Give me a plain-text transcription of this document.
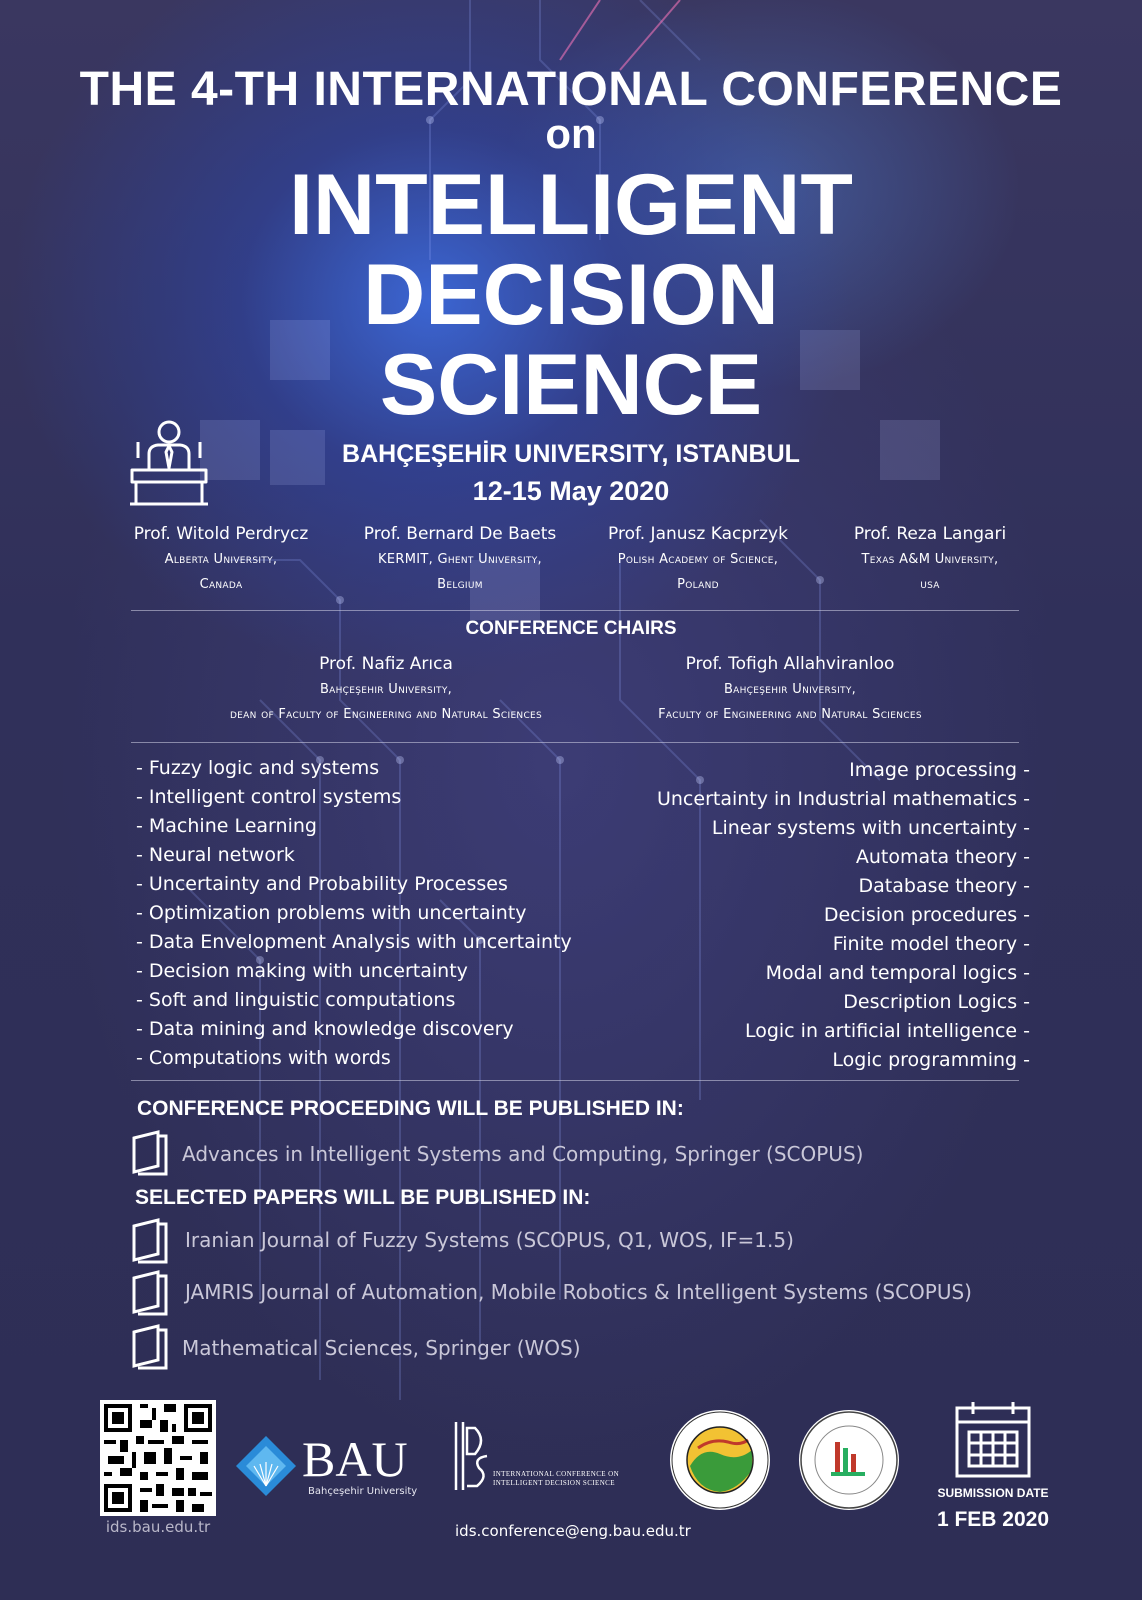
THE 4-TH INTERNATIONAL CONFERENCE
on
INTELLIGENT
DECISION
SCIENCE
BAHÇEŞEHİR UNIVERSITY, ISTANBUL
12-15 May 2020
Prof. Witold Perdrycz
Alberta University,
Canada
Prof. Bernard De Baets
KERMIT, Ghent University,
Belgium
Prof. Janusz Kacprzyk
Polish Academy of Science,
Poland
Prof. Reza Langari
Texas A&M University,
usa
CONFERENCE CHAIRS
Prof. Nafiz Arıca
Bahçeşehir University,
dean of Faculty of Engineering and Natural Sciences
Prof. Tofigh Allahviranloo
Bahçeşehir University,
Faculty of Engineering and Natural Sciences
- Fuzzy logic and systems
- Intelligent control systems
- Machine Learning
- Neural network
- Uncertainty and Probability Processes
- Optimization problems with uncertainty
- Data Envelopment Analysis with uncertainty
- Decision making with uncertainty
- Soft and linguistic computations
- Data mining and knowledge discovery
- Computations with words
Image processing -
Uncertainty in Industrial mathematics -
Linear systems with uncertainty -
Automata theory -
Database theory -
Decision procedures -
Finite model theory -
Modal and temporal logics -
Description Logics -
Logic in artificial intelligence -
Logic programming -
CONFERENCE PROCEEDING WILL BE PUBLISHED IN:
Advances in Intelligent Systems and Computing, Springer (SCOPUS)
SELECTED PAPERS WILL BE PUBLISHED IN:
Iranian Journal of Fuzzy Systems (SCOPUS, Q1, WOS, IF=1.5)
JAMRIS Journal of Automation, Mobile Robotics & Intelligent Systems (SCOPUS)
Mathematical Sciences, Springer (WOS)
ids.bau.edu.tr
BAU
Bahçeşehir University
INTERNATIONAL CONFERENCE ON
INTELLIGENT DECISION SCIENCE
ids.conference@eng.bau.edu.tr
SUBMISSION DATE
1 FEB 2020
